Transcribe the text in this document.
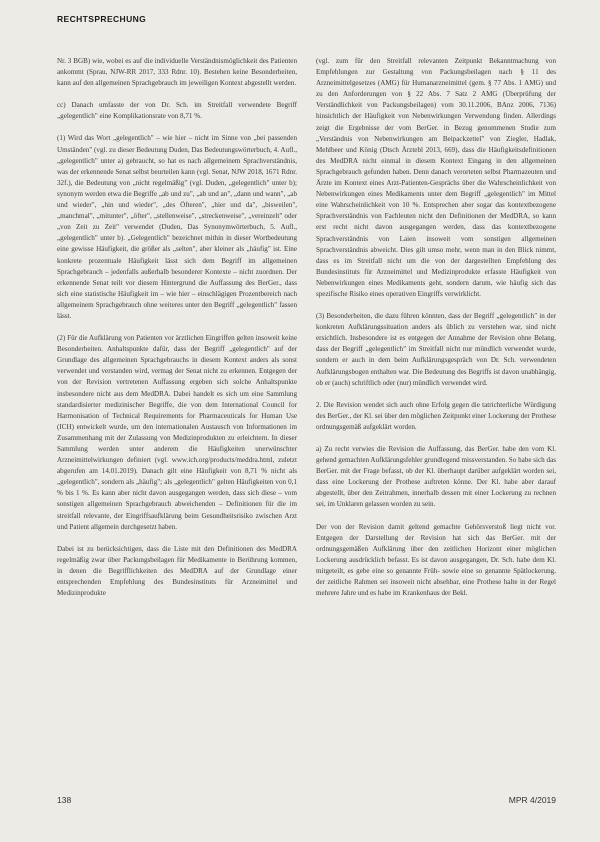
RECHTSPRECHUNG

Nr. 3 BGB) wie, wobei es auf die individuelle Verständnismöglichkeit des Patienten ankommt (Sprau, NJW-RR 2017, 333 Rdnr. 10). Bestehen keine Besonderheiten, kann auf den allgemeinen Sprachgebrauch im jeweiligen Kontext abgestellt werden.

cc) Danach umfasste der von Dr. Sch. im Streitfall verwendete Begriff „gelegentlich" eine Komplikationsrate von 8,71 %.

(1) Wird das Wort „gelegentlich" – wie hier – nicht im Sinne von „bei passenden Umständen" (vgl. zu dieser Bedeutung Duden, Das Bedeutungswörterbuch, 4. Aufl., „gelegentlich" unter a) gebraucht, so hat es nach allgemeinem Sprachverständnis, was der erkennende Senat selbst beurteilen kann (vgl. Senat, NJW 2018, 1671 Rdnr. 32f.), die Bedeutung von „nicht regelmäßig" (vgl. Duden, „gelegentlich" unter b); synonym werden etwa die Begriffe „ab und zu", „ab und an", „dann und wann", „ab und wieder", „hin und wieder", „des Öfteren", „hier und da", „bisweilen", „manchmal", „mitunter", „öfter", „stellenweise", „streckenweise", „vereinzelt" oder „von Zeit zu Zeit" verwendet (Duden, Das Synonymwörterbuch, 5. Aufl., „gelegentlich" unter b). „Gelegentlich" bezeichnet mithin in dieser Wortbedeutung eine gewisse Häufigkeit, die größer als „selten", aber kleiner als „häufig" ist. Eine konkrete prozentuale Häufigkeit lässt sich dem Begriff im allgemeinen Sprachgebrauch – jedenfalls außerhalb besonderer Kontexte – nicht zuordnen. Der erkennende Senat teilt vor diesem Hintergrund die Auffassung des BerGer., dass sich eine statistische Häufigkeit im – wie hier – einschlägigen Prozentbereich nach allgemeinem Sprachgebrauch ohne weiteres unter den Begriff „gelegentlich" fassen lässt.

(2) Für die Aufklärung von Patienten vor ärztlichen Eingriffen gelten insoweit keine Besonderheiten. Anhaltspunkte dafür, dass der Begriff „gelegentlich" auf der Grundlage des allgemeinen Sprachgebrauchs in diesem Kontext anders als sonst verwendet und verstanden wird, vermag der Senat nicht zu erkennen. Entgegen der von der Revision vertretenen Auffassung ergeben sich solche Anhaltspunkte insbesondere nicht aus dem MedDRA. Dabei handelt es sich um eine Sammlung standardisierter medizinischer Begriffe, die von dem International Council for Harmonisation of Technical Requirements for Pharmaceuticals for Human Use (ICH) entwickelt wurde, um den internationalen Austausch von Informationen im Zusammenhang mit der Zulassung von Medizinprodukten zu erleichtern. In dieser Sammlung werden unter anderem die Häufigkeiten unerwünschter Arzneimittelwirkungen definiert (vgl. www.ich.org/products/meddra.html, zuletzt abgerufen am 14.01.2019). Danach gilt eine Häufigkeit von 8,71 % nicht als „gelegentlich", sondern als „häufig"; als „gelegentlich" gelten Häufigkeiten von 0,1 % bis 1 %. Es kann aber nicht davon ausgegangen werden, dass sich diese – vom sonstigen allgemeinen Sprachgebrauch abweichenden – Definitionen für die im streitfall relevante, der Eingriffsaufklärung beim Gesundheitsrisiko zwischen Arzt und Patient allgemein durchgesetzt haben.

Dabei ist zu berücksichtigen, dass die Liste mit den Definitionen des MedDRA regelmäßig zwar über Packungsbeilagen für Medikamente in Berührung kommen, in denen die Begrifflichkeiten des MedDRA auf der Grundlage einer entsprechenden Empfehlung des Bundesinstituts für Arzneimittel und Medizinprodukte

(vgl. zum für den Streitfall relevanten Zeitpunkt Bekanntmachung von Empfehlungen zur Gestaltung von Packungsbeilagen nach § 11 des Arzneimittelgesetzes (AMG) für Humanarzneimittel (gem. § 77 Abs. 1 AMG) und zu den Anforderungen von § 22 Abs. 7 Satz 2 AMG (Überprüfung der Verständlichkeit von Packungsbeilagen) vom 30.11.2006, BAnz 2006, 7136) hinsichtlich der Häufigkeit von Nebenwirkungen Verwendung finden. Allerdings zeigt die Ergebnisse der vom BerGer. in Bezug genommenen Studie zum „Verständnis von Nebenwirkungen am Beipackzettel" von Ziegler, Hadlak, Mehlbeer und König (Dtsch Ärztebl 2013, 669), dass die Häufigkeitsdefinitionen des MedDRA nicht einmal in diesem Kontext Eingang in den allgemeinen Sprachgebrauch gefunden haben. Denn danach verorteten selbst Pharmazeuten und Ärzte im Kontext eines Arzt-Patienten-Gesprächs über die Wahrscheinlichkeit von Nebenwirkungen eines Medikaments unter dem Begriff „gelegentlich" im Mittel eine Wahrscheinlichkeit von 10 %. Entsprechen aber sogar das kontextbezogene Sprachverständnis von Fachleuten nicht den Definitionen der MedDRA, so kann erst recht nicht davon ausgegangen werden, dass das kontextbezogene Sprachverständnis von Laien insoweit vom sonstigen allgemeinen Sprachverständnis abweicht. Dies gilt umso mehr, wenn man in den Blick nimmt, dass es im Streitfall nicht um die von der dargestellten Empfehlung des Bundesinstituts für Arzneimittel und Medizinprodukte erfasste Häufigkeit von Nebenwirkungen eines Medikaments geht, sondern darum, wie häufig sich das spezifische Risiko eines operativen Eingriffs verwirklicht.

(3) Besonderheiten, die dazu führen könnten, dass der Begriff „gelegentlich" in der konkreten Aufklärungssituation anders als üblich zu verstehen war, sind nicht ersichtlich. Insbesondere ist es entgegen der Annahme der Revision ohne Belang, dass der Begriff „gelegentlich" im Streitfall nicht nur mündlich verwendet wurde, sondern er auch in dem beim Aufklärungsgespräch von Dr. Sch. verwendeten Aufklärungsbogen enthalten war. Die Bedeutung des Begriffs ist davon unabhängig, ob er (auch) schriftlich oder (nur) mündlich verwendet wird.

2. Die Revision wendet sich auch ohne Erfolg gegen die tatrichterliche Würdigung des BerGer., der Kl. sei über den möglichen Zeitpunkt einer Lockerung der Prothese ordnungsgemäß aufgeklärt worden.

a) Zu recht verwies die Revision die Auffassung, das BerGer. habe den vom Kl. gehend gemachten Aufklärungsfehler grundlegend missverstanden. So habe sich das BerGer. mit der Frage befasst, ob der Kl. überhaupt darüber aufgeklärt worden sei, dass eine Lockerung der Prothese auftreten könne. Der Kl. habe aber darauf abgestellt, über den Zeitrahmen, innerhalb dessen mit einer Lockerung zu rechnen sei, im Unklaren gelassen worden zu sein.

Der von der Revision damit geltend gemachte Gehörsverstoß liegt nicht vor. Entgegen der Darstellung der Revision hat sich das BerGer. mit der ordnungsgemäßen Aufklärung über den zeitlichen Horizont einer möglichen Lockerung ausdrücklich befasst. Es ist davon ausgegangen, Dr. Sch. habe dem Kl. mitgeteilt, es gebe eine so genannte Früh- sowie eine so genannte Spätlockerung, der zeitliche Rahmen sei insoweit nicht absehbar, eine Prothese halte in der Regel mehrere Jahre und es habe im Krankenhaus der Bekl.

138	MPR 4/2019
